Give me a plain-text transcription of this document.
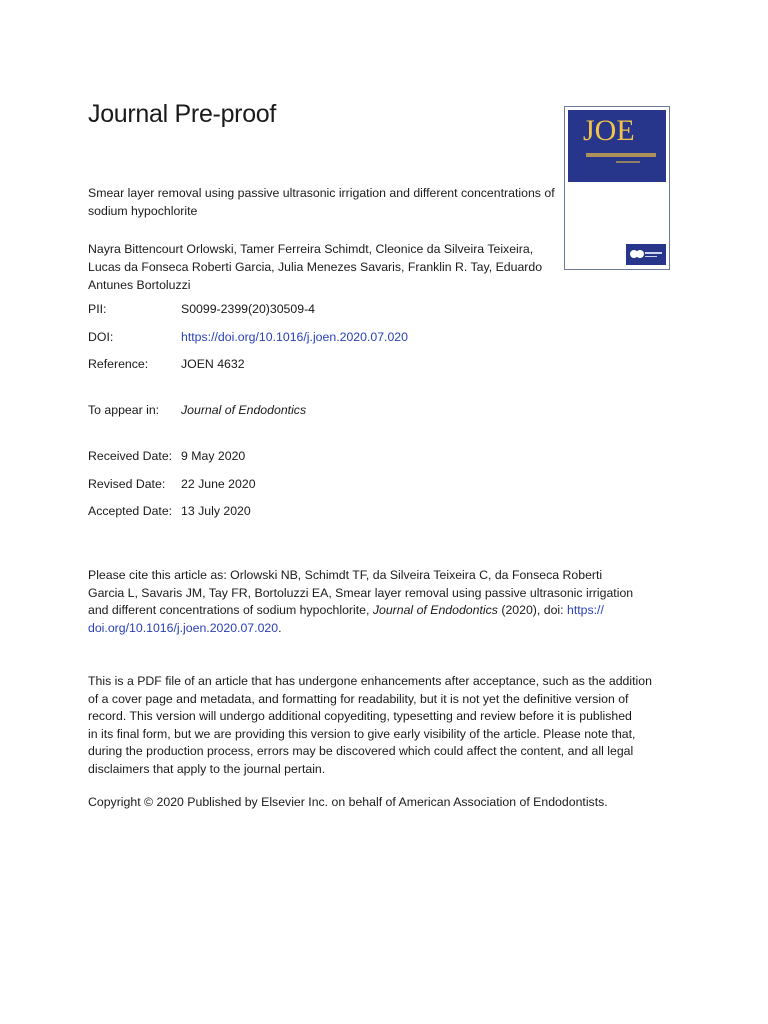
Journal Pre-proof
Smear layer removal using passive ultrasonic irrigation and different concentrations of
sodium hypochlorite
JOE
Nayra Bittencourt Orlowski, Tamer Ferreira Schimdt, Cleonice da Silveira Teixeira,
Lucas da Fonseca Roberti Garcia, Julia Menezes Savaris, Franklin R. Tay, Eduardo
Antunes Bortoluzzi
PII:	S0099-2399(20)30509-4
DOI:	https://doi.org/10.1016/j.joen.2020.07.020
Reference:	JOEN 4632
To appear in: Journal of Endodontics
Received Date: 9 May 2020
Revised Date: 22 June 2020
Accepted Date: 13 July 2020
Please cite this article as: Orlowski NB, Schimdt TF, da Silveira Teixeira C, da Fonseca Roberti
Garcia L, Savaris JM, Tay FR, Bortoluzzi EA, Smear layer removal using passive ultrasonic irrigation
and different concentrations of sodium hypochlorite, Journal of Endodontics (2020), doi: https://
doi.org/10.1016/j.joen.2020.07.020.
This is a PDF file of an article that has undergone enhancements after acceptance, such as the addition
of a cover page and metadata, and formatting for readability, but it is not yet the definitive version of
record. This version will undergo additional copyediting, typesetting and review before it is published
in its final form, but we are providing this version to give early visibility of the article. Please note that,
during the production process, errors may be discovered which could affect the content, and all legal
disclaimers that apply to the journal pertain.
Copyright © 2020 Published by Elsevier Inc. on behalf of American Association of Endodontists.
